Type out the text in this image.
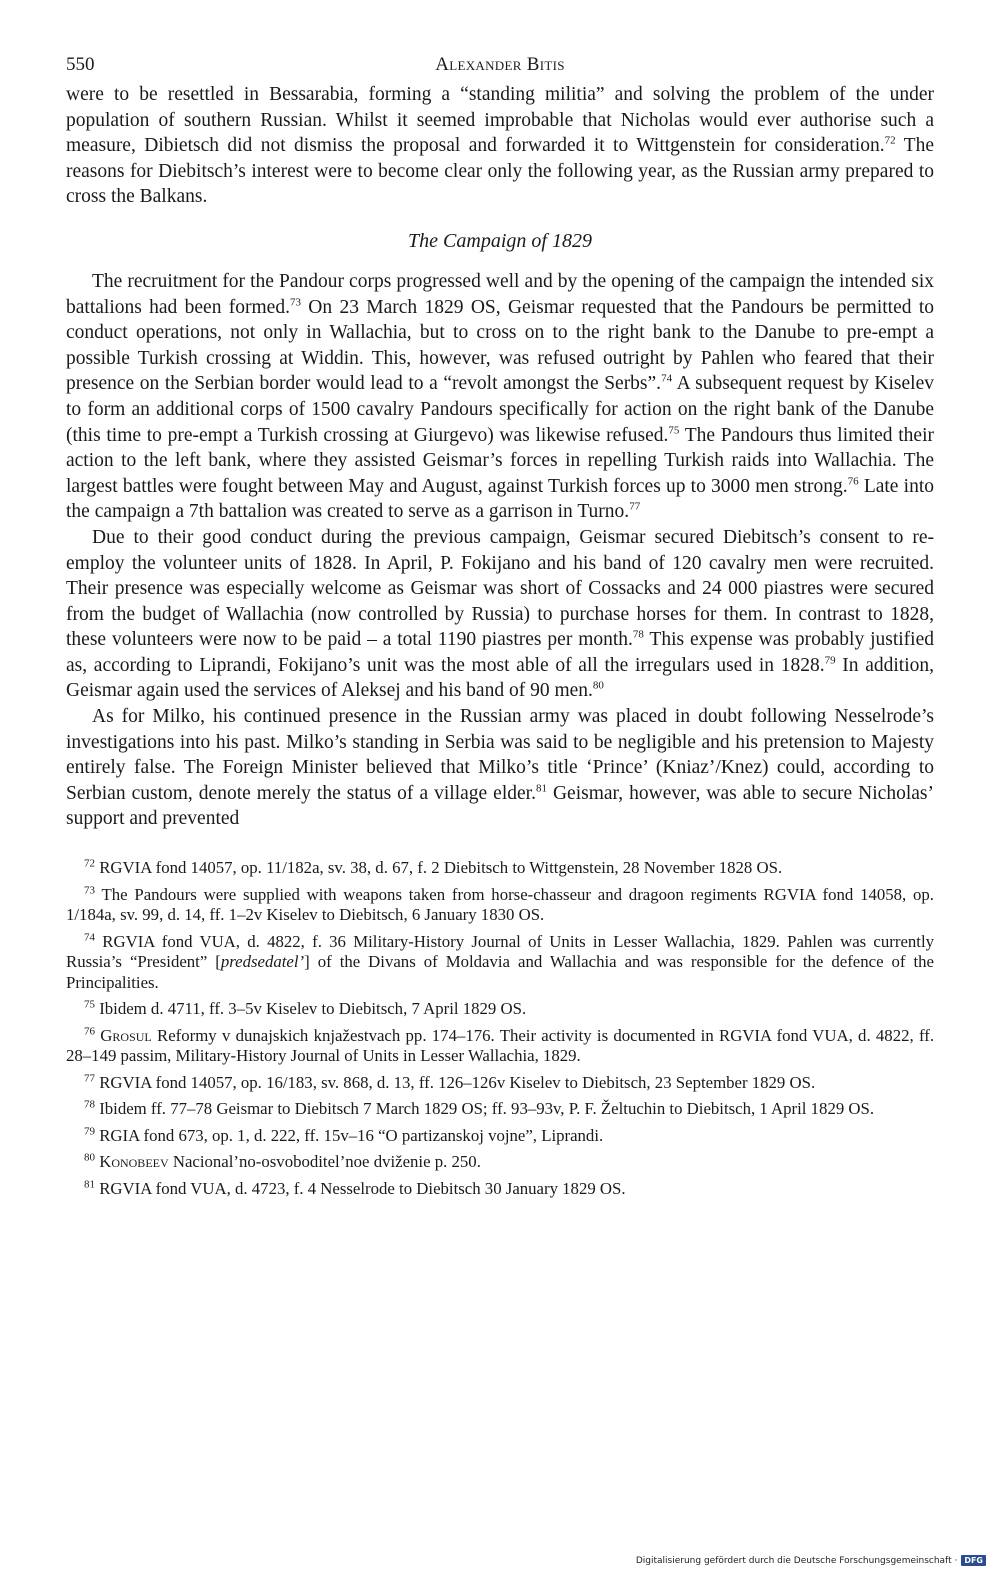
550	Alexander Bitis

were to be resettled in Bessarabia, forming a “standing militia” and solving the problem of the under population of southern Russian. Whilst it seemed improbable that Nicholas would ever authorise such a measure, Dibietsch did not dismiss the proposal and forwarded it to Wittgenstein for consideration.$^{72}$ The reasons for Diebitsch’s interest were to become clear only the following year, as the Russian army prepared to cross the Balkans.

The Campaign of 1829

The recruitment for the Pandour corps progressed well and by the opening of the campaign the intended six battalions had been formed.$^{73}$ On 23 March 1829 OS, Geismar requested that the Pandours be permitted to conduct operations, not only in Wallachia, but to cross on to the right bank to the Danube to pre-empt a possible Turkish crossing at Widdin. This, however, was refused outright by Pahlen who feared that their presence on the Serbian border would lead to a “revolt amongst the Serbs”.$^{74}$ A subsequent request by Kiselev to form an additional corps of 1500 cavalry Pandours specifically for action on the right bank of the Danube (this time to pre-empt a Turkish crossing at Giurgevo) was likewise refused.$^{75}$ The Pandours thus limited their action to the left bank, where they assisted Geismar’s forces in repelling Turkish raids into Wallachia. The largest battles were fought between May and August, against Turkish forces up to 3000 men strong.$^{76}$ Late into the campaign a 7th battalion was created to serve as a garrison in Turno.$^{77}$

Due to their good conduct during the previous campaign, Geismar secured Diebitsch’s consent to re-employ the volunteer units of 1828. In April, P. Fokijano and his band of 120 cavalry men were recruited. Their presence was especially welcome as Geismar was short of Cossacks and 24 000 piastres were secured from the budget of Wallachia (now controlled by Russia) to purchase horses for them. In contrast to 1828, these volunteers were now to be paid – a total 1190 piastres per month.$^{78}$ This expense was probably justified as, according to Liprandi, Fokijano’s unit was the most able of all the irregulars used in 1828.79 In addition, Geismar again used the services of Aleksej and his band of 90 men.$^{80}$

As for Milko, his continued presence in the Russian army was placed in doubt following Nesselrode’s investigations into his past. Milko’s standing in Serbia was said to be negligible and his pretension to Majesty entirely false. The Foreign Minister believed that Milko’s title ‘Prince’ (Kniaz’/Knez) could, according to Serbian custom, denote merely the status of a village elder.$^{81}$ Geismar, however, was able to secure Nicholas’ support and prevented

$^{72}$ RGVIA fond 14057, op. 11/182a, sv. 38, d. 67, f. 2 Diebitsch to Wittgenstein, 28 November 1828 OS.

$^{73}$ The Pandours were supplied with weapons taken from horse-chasseur and dragoon regiments RGVIA fond 14058, op. 1/184a, sv. 99, d. 14, ff. 1–2v Kiselev to Diebitsch, 6 January 1830 OS.

$^{74}$ RGVIA fond VUA, d. 4822, f. 36 Military-History Journal of Units in Lesser Wallachia, 1829. Pahlen was currently Russia’s “President” [predsedatel’] of the Divans of Moldavia and Wallachia and was responsible for the defence of the Principalities.

$^{75}$ Ibidem d. 4711, ff. 3–5v Kiselev to Diebitsch, 7 April 1829 OS.

$^{76}$ Grosul Reformy v dunajskich knjažestvach pp. 174–176. Their activity is documented in RGVIA fond VUA, d. 4822, ff. 28–149 passim, Military-History Journal of Units in Lesser Wallachia, 1829.

$^{77}$ RGVIA fond 14057, op. 16/183, sv. 868, d. 13, ff. 126–126v Kiselev to Diebitsch, 23 September 1829 OS.

$^{78}$ Ibidem ff. 77–78 Geismar to Diebitsch 7 March 1829 OS; ff. 93–93v, P. F. Želtuchin to Diebitsch, 1 April 1829 OS.

$^{79}$ RGIA fond 673, op. 1, d. 222, ff. 15v–16 “O partizanskoj vojne”, Liprandi.

$^{80}$ Konobeev Nacional’no-osvoboditel’noe dviženie p. 250.

$^{81}$ RGVIA fond VUA, d. 4723, f. 4 Nesselrode to Diebitsch 30 January 1829 OS.

Digitalisierung gefördert durch die Deutsche Forschungsgemeinschaft · DFG
